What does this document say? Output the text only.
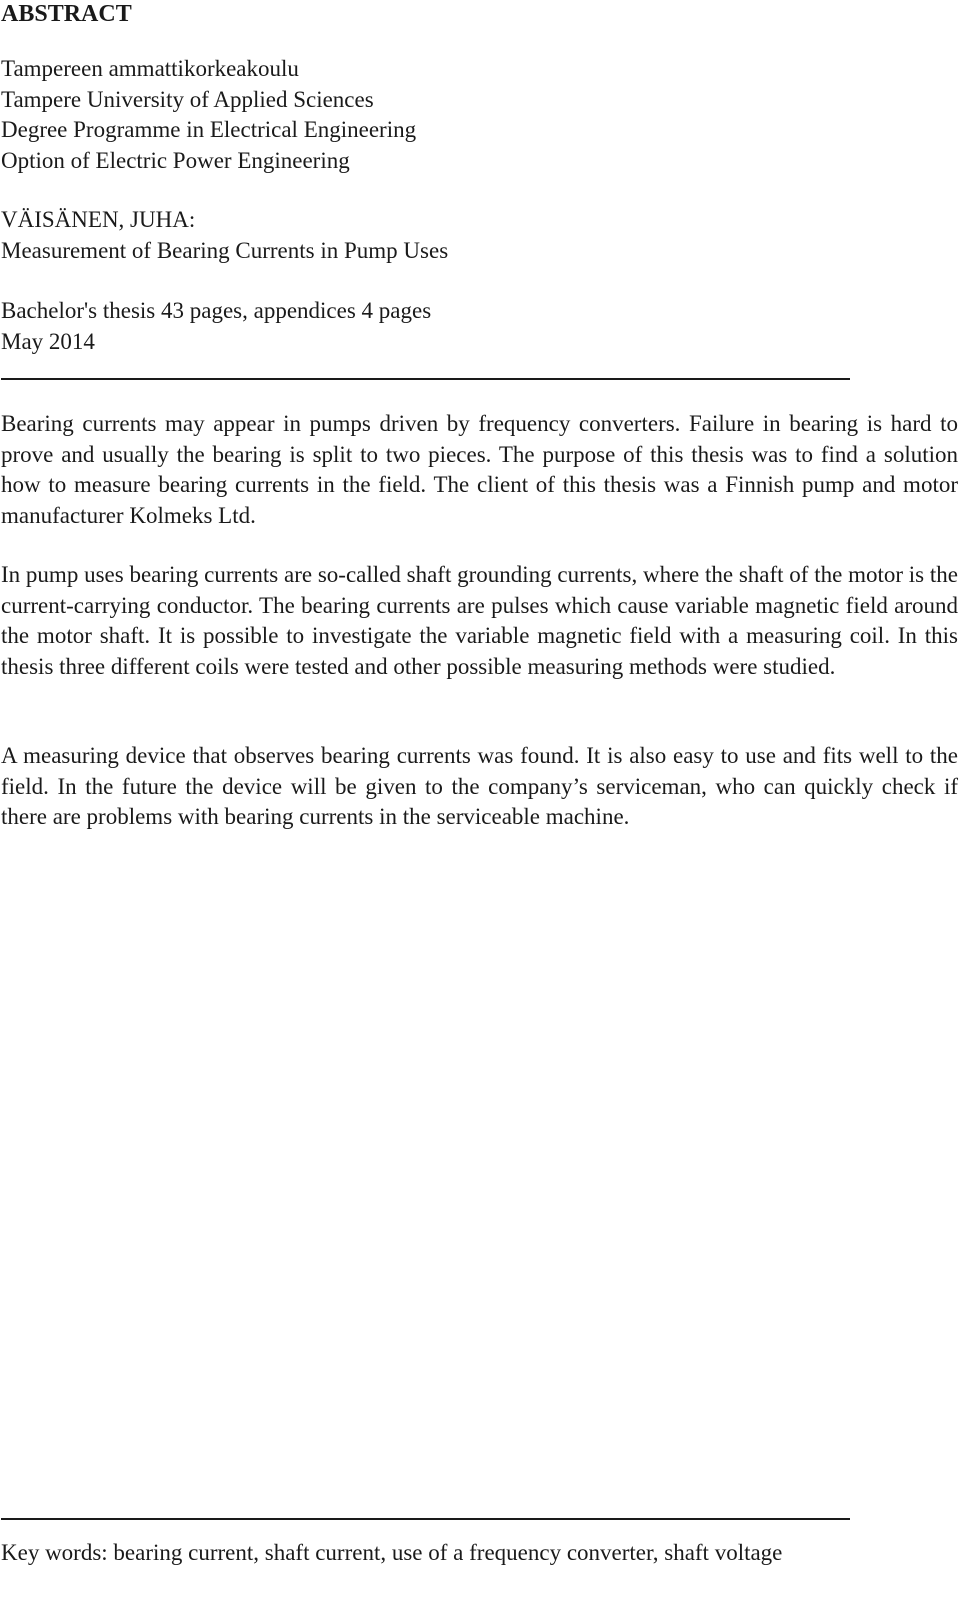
ABSTRACT
Tampereen ammattikorkeakoulu
Tampere University of Applied Sciences
Degree Programme in Electrical Engineering
Option of Electric Power Engineering
VÄISÄNEN, JUHA:
Measurement of Bearing Currents in Pump Uses
Bachelor's thesis 43 pages, appendices 4 pages
May 2014

Bearing currents may appear in pumps driven by frequency converters. Failure in bearing is hard to prove and usually the bearing is split to two pieces. The purpose of this thesis was to find a solution how to measure bearing currents in the field. The client of this thesis was a Finnish pump and motor manufacturer Kolmeks Ltd.

In pump uses bearing currents are so-called shaft grounding currents, where the shaft of the motor is the current-carrying conductor. The bearing currents are pulses which cause variable magnetic field around the motor shaft. It is possible to investigate the variable magnetic field with a measuring coil. In this thesis three different coils were tested and other possible measuring methods were studied.

A measuring device that observes bearing currents was found. It is also easy to use and fits well to the field. In the future the device will be given to the company’s serviceman, who can quickly check if there are problems with bearing currents in the serviceable machine.

Key words: bearing current, shaft current, use of a frequency converter, shaft voltage
